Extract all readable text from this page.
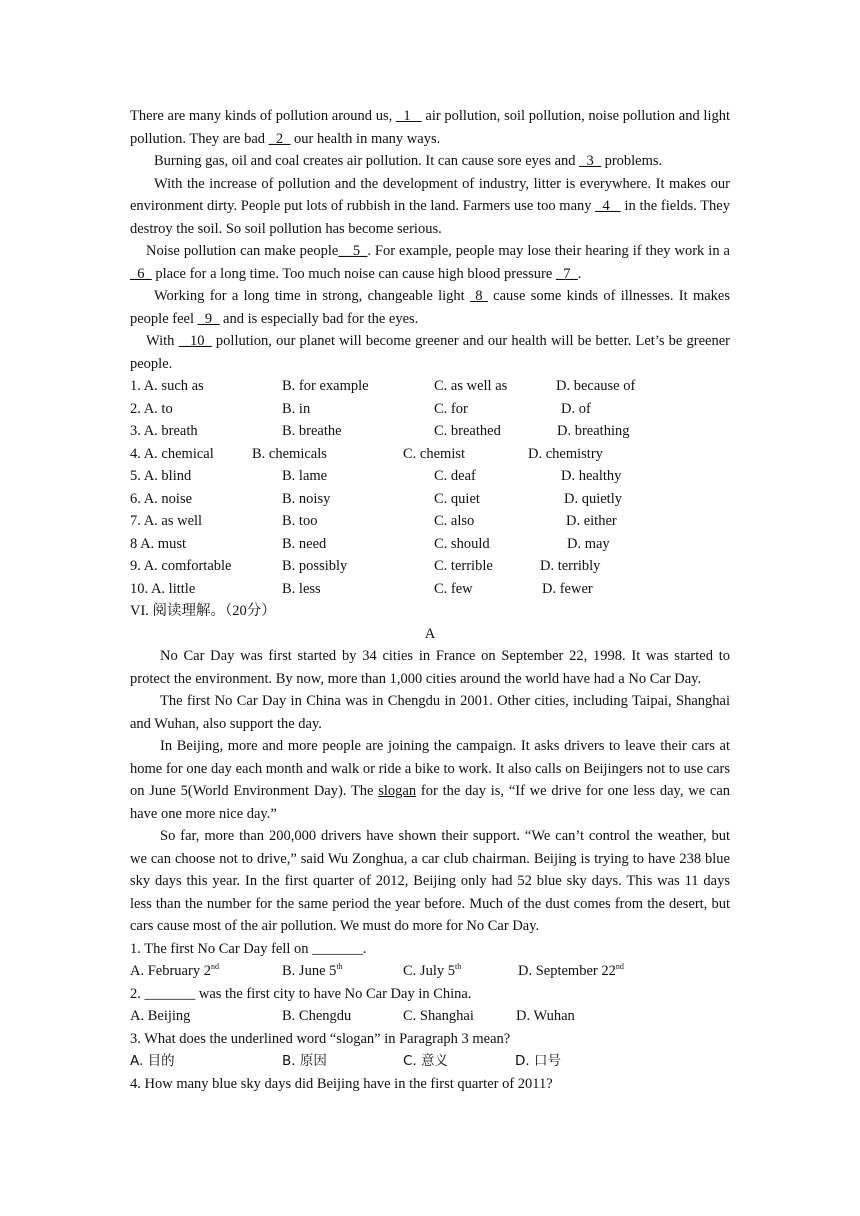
There are many kinds of pollution around us,   1    air pollution, soil pollution, noise pollution and light pollution. They are bad _2_ our health in many ways.

Burning gas, oil and coal creates air pollution. It can cause sore eyes and _3_ problems.

With the increase of pollution and the development of industry, litter is everywhere. It makes our environment dirty. People put lots of rubbish in the land. Farmers use too many _4_  in the fields. They destroy the soil. So soil pollution has become serious.

Noise pollution can make people__5_. For example, people may lose their hearing if they work in a _6_ place for a long time. Too much noise can cause high blood pressure _7_.

Working for a long time in strong, changeable light  8  cause some kinds of illnesses. It makes people feel _9_ and is especially bad for the eyes.

With  _10_ pollution, our planet will become greener and our health will be better. Let’s be greener people.

1. A. such as	B. for example	C. as well as	D. because of
2. A. to	B. in	C. for	D. of
3. A. breath	B. breathe	C. breathed	D. breathing
4. A. chemical	B. chemicals	C. chemist	D. chemistry
5. A. blind	B. lame	C. deaf	D. healthy
6. A. noise	B. noisy	C. quiet	D. quietly
7. A. as well	B. too	C. also	D. either
8 A. must	B. need	C. should	D. may
9. A. comfortable	B. possibly	C. terrible	D. terribly
10. A. little	B. less	C. few	D. fewer

VI. 阅读理解。（20分）

A

No Car Day was first started by 34 cities in France on September 22, 1998. It was started to protect the environment. By now, more than 1,000 cities around the world have had a No Car Day.

The first No Car Day in China was in Chengdu in 2001. Other cities, including Taipai, Shanghai and Wuhan, also support the day.

In Beijing, more and more people are joining the campaign. It asks drivers to leave their cars at home for one day each month and walk or ride a bike to work. It also calls on Beijingers not to use cars on June 5(World Environment Day). The slogan for the day is, “If we drive for one less day, we can have one more nice day.”

So far, more than 200,000 drivers have shown their support. “We can’t control the weather, but we can choose not to drive,” said Wu Zonghua, a car club chairman. Beijing is trying to have 238 blue sky days this year. In the first quarter of 2012, Beijing only had 52 blue sky days. This was 11 days less than the number for the same period the year before. Much of the dust comes from the desert, but cars cause most of the air pollution. We must do more for No Car Day.

1. The first No Car Day fell on _______.

A. February 2nd	B. June 5th	C. July 5th	D. September 22nd

2. _______ was the first city to have No Car Day in China.

A. Beijing	B. Chengdu	C. Shanghai	D. Wuhan

3. What does the underlined word “slogan” in Paragraph 3 mean?

A. 目的	B. 原因	C. 意义	D. 口号

4. How many blue sky days did Beijing have in the first quarter of 2011?
